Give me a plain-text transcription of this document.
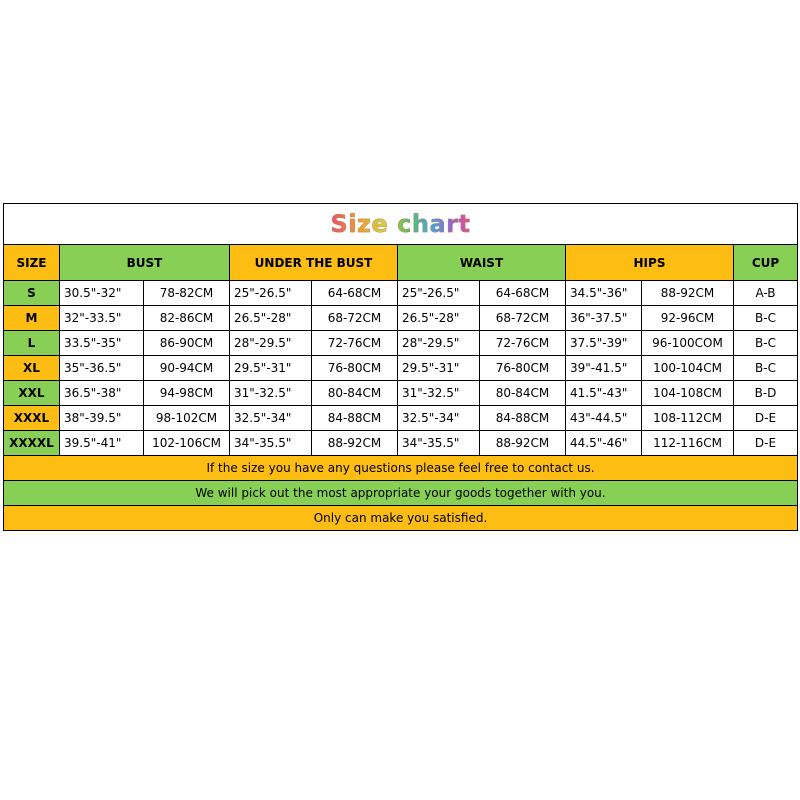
Size chart									
SIZE	BUST		UNDER THE BUST		WAIST		HIPS		CUP
S	30.5"-32"	78-82CM	25"-26.5"	64-68CM	25"-26.5"	64-68CM	34.5"-36"	88-92CM	A-B
M	32"-33.5"	82-86CM	26.5"-28"	68-72CM	26.5"-28"	68-72CM	36"-37.5"	92-96CM	B-C
L	33.5"-35"	86-90CM	28"-29.5"	72-76CM	28"-29.5"	72-76CM	37.5"-39"	96-100COM	B-C
XL	35"-36.5"	90-94CM	29.5"-31"	76-80CM	29.5"-31"	76-80CM	39"-41.5"	100-104CM	B-C
XXL	36.5"-38"	94-98CM	31"-32.5"	80-84CM	31"-32.5"	80-84CM	41.5"-43"	104-108CM	B-D
XXXL	38"-39.5"	98-102CM	32.5"-34"	84-88CM	32.5"-34"	84-88CM	43"-44.5"	108-112CM	D-E
XXXXL	39.5"-41"	102-106CM	34"-35.5"	88-92CM	34"-35.5"	88-92CM	44.5"-46"	112-116CM	D-E
If the size you have any questions please feel free to contact us.									
We will pick out the most appropriate your goods together with you.									
Only can make you satisfied.									
